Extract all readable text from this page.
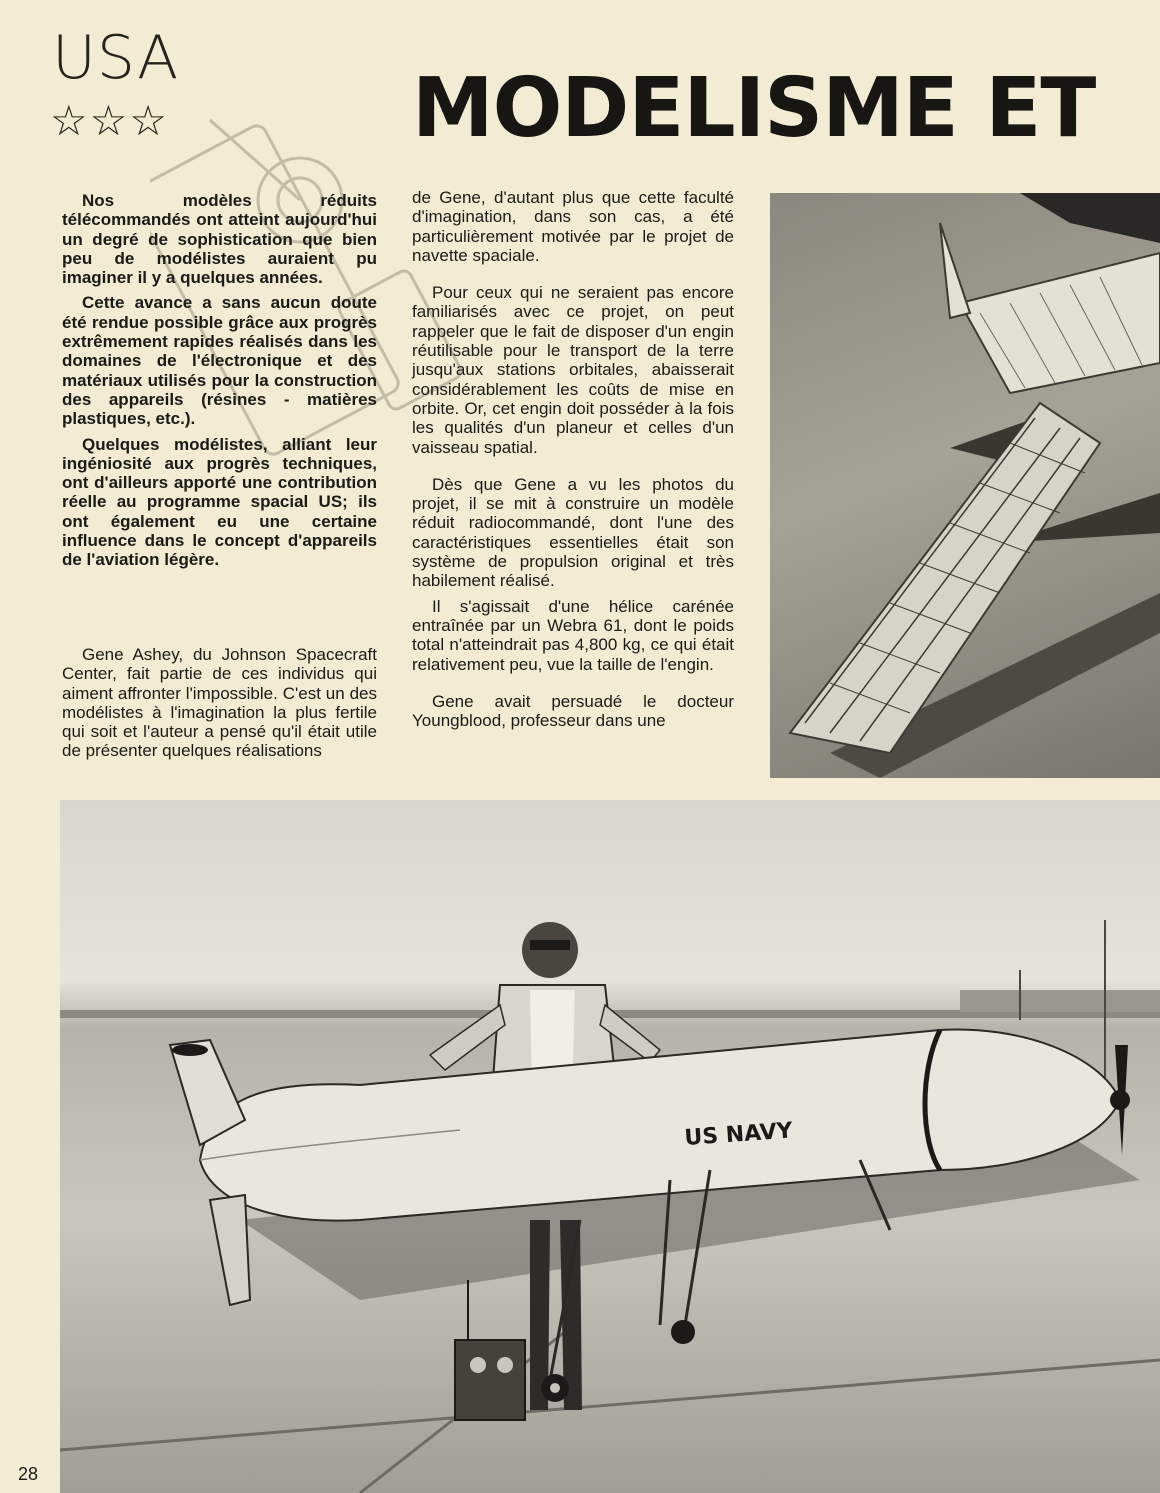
USA
☆☆☆	MODELISME ET

Nos modèles réduits télécommandés ont atteint aujourd'hui un degré de sophistication que bien peu de modélistes auraient pu imaginer il y a quelques années.

Cette avance a sans aucun doute été rendue possible grâce aux progrès extrêmement rapides réalisés dans les domaines de l'électronique et des matériaux utilisés pour la construction des appareils (résines - matières plastiques, etc.).

Quelques modélistes, alliant leur ingéniosité aux progrès techniques, ont d'ailleurs apporté une contribution réelle au programme spacial US; ils ont également eu une certaine influence dans le concept d'appareils de l'aviation légère.

Gene Ashey, du Johnson Spacecraft Center, fait partie de ces individus qui aiment affronter l'impossible. C'est un des modélistes à l'imagination la plus fertile qui soit et l'auteur a pensé qu'il était utile de présenter quelques réalisations

de Gene, d'autant plus que cette faculté d'imagination, dans son cas, a été particulièrement motivée par le projet de navette spaciale.

Pour ceux qui ne seraient pas encore familiarisés avec ce projet, on peut rappeler que le fait de disposer d'un engin réutilisable pour le transport de la terre jusqu'aux stations orbitales, abaisserait considérablement les coûts de mise en orbite. Or, cet engin doit posséder à la fois les qualités d'un planeur et celles d'un vaisseau spatial.

Dès que Gene a vu les photos du projet, il se mit à construire un modèle réduit radiocommandé, dont l'une des caractéristiques essentielles était son système de propulsion original et très habilement réalisé.

Il s'agissait d'une hélice carénée entraînée par un Webra 61, dont le poids total n'atteindrait pas 4,800 kg, ce qui était relativement peu, vue la taille de l'engin.

Gene avait persuadé le docteur Youngblood, professeur dans une

US NAVY
28
